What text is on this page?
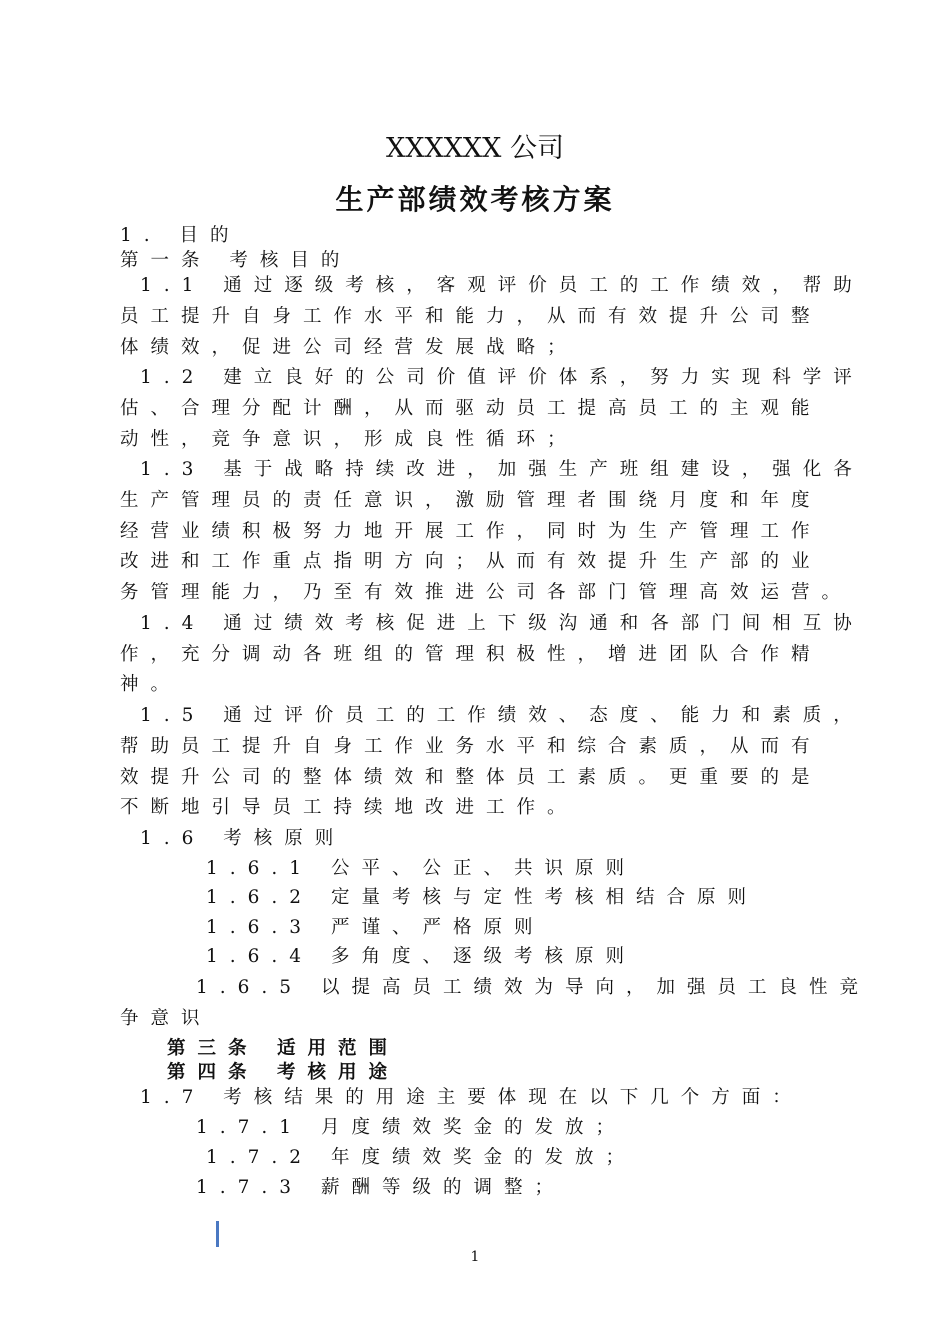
XXXXXX 公司
生产部绩效考核方案
1. 目的
第一条 考核目的
1.1 通过逐级考核，客观评价员工的工作绩效，帮助
员工提升自身工作水平和能力，从而有效提升公司整
体绩效，促进公司经营发展战略；
1.2 建立良好的公司价值评价体系，努力实现科学评
估、合理分配计酬，从而驱动员工提高员工的主观能
动性，竞争意识，形成良性循环；
1.3 基于战略持续改进，加强生产班组建设，强化各
生产管理员的责任意识，激励管理者围绕月度和年度
经营业绩积极努力地开展工作，同时为生产管理工作
改进和工作重点指明方向；从而有效提升生产部的业
务管理能力，乃至有效推进公司各部门管理高效运营。
1.4 通过绩效考核促进上下级沟通和各部门间相互协
作，充分调动各班组的管理积极性，增进团队合作精
神。
1.5 通过评价员工的工作绩效、态度、能力和素质，
帮助员工提升自身工作业务水平和综合素质，从而有
效提升公司的整体绩效和整体员工素质。更重要的是
不断地引导员工持续地改进工作。
1.6 考核原则
1.6.1 公平、公正、共识原则
1.6.2 定量考核与定性考核相结合原则
1.6.3 严谨、严格原则
1.6.4 多角度、逐级考核原则
1.6.5 以提高员工绩效为导向，加强员工良性竞
争意识
第三条 适用范围
第四条 考核用途
1.7 考核结果的用途主要体现在以下几个方面：
1.7.1 月度绩效奖金的发放；
1.7.2 年度绩效奖金的发放；
1.7.3 薪酬等级的调整；
1
